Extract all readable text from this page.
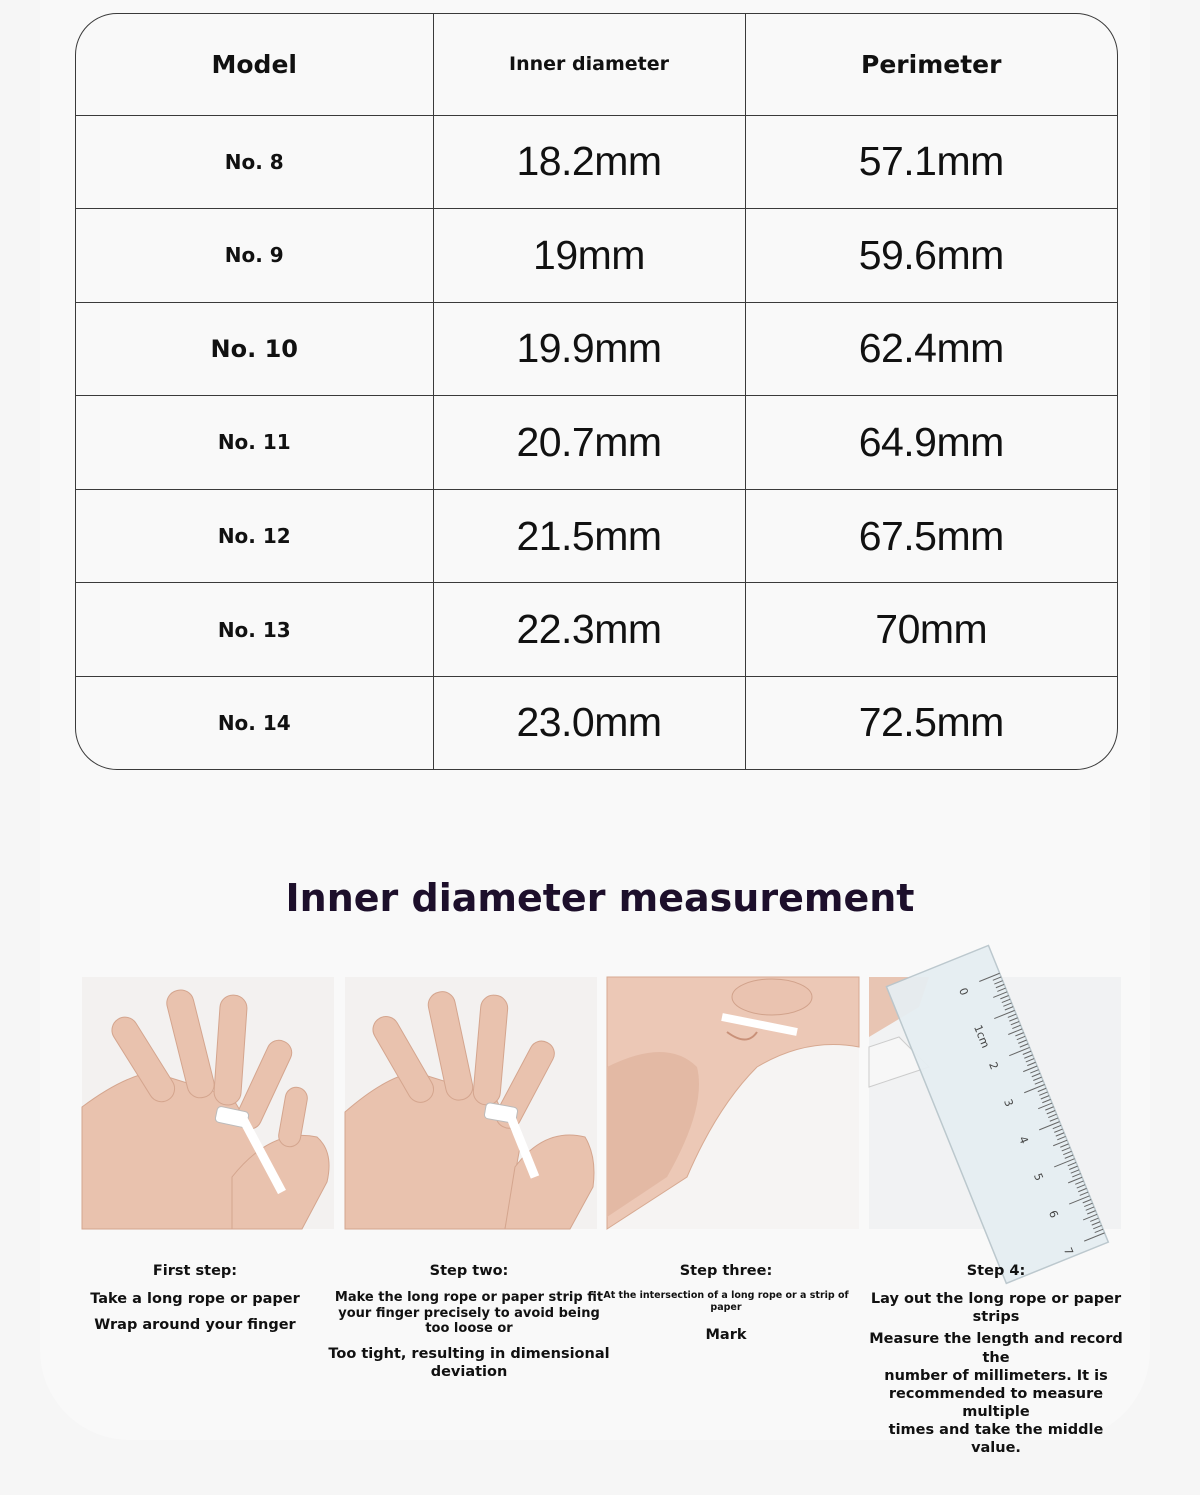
Model	Inner diameter	Perimeter
No. 8	18.2mm	57.1mm
No. 9	19mm	59.6mm
No. 10	19.9mm	62.4mm
No. 11	20.7mm	64.9mm
No. 12	21.5mm	67.5mm
No. 13	22.3mm	70mm
No. 14	23.0mm	72.5mm
Inner diameter measurement
0
1cm
2
3
4
5
6
7
First step:
Take a long rope or paper
Wrap around your finger
Step two:
Make the long rope or paper strip fit
your finger precisely to avoid being
too loose or
Too tight, resulting in dimensional deviation
Step three:
At the intersection of a long rope or a strip of paper
Mark
Step 4:
Lay out the long rope or paper strips
Measure the length and record the
number of millimeters. It is
recommended to measure multiple
times and take the middle value.
